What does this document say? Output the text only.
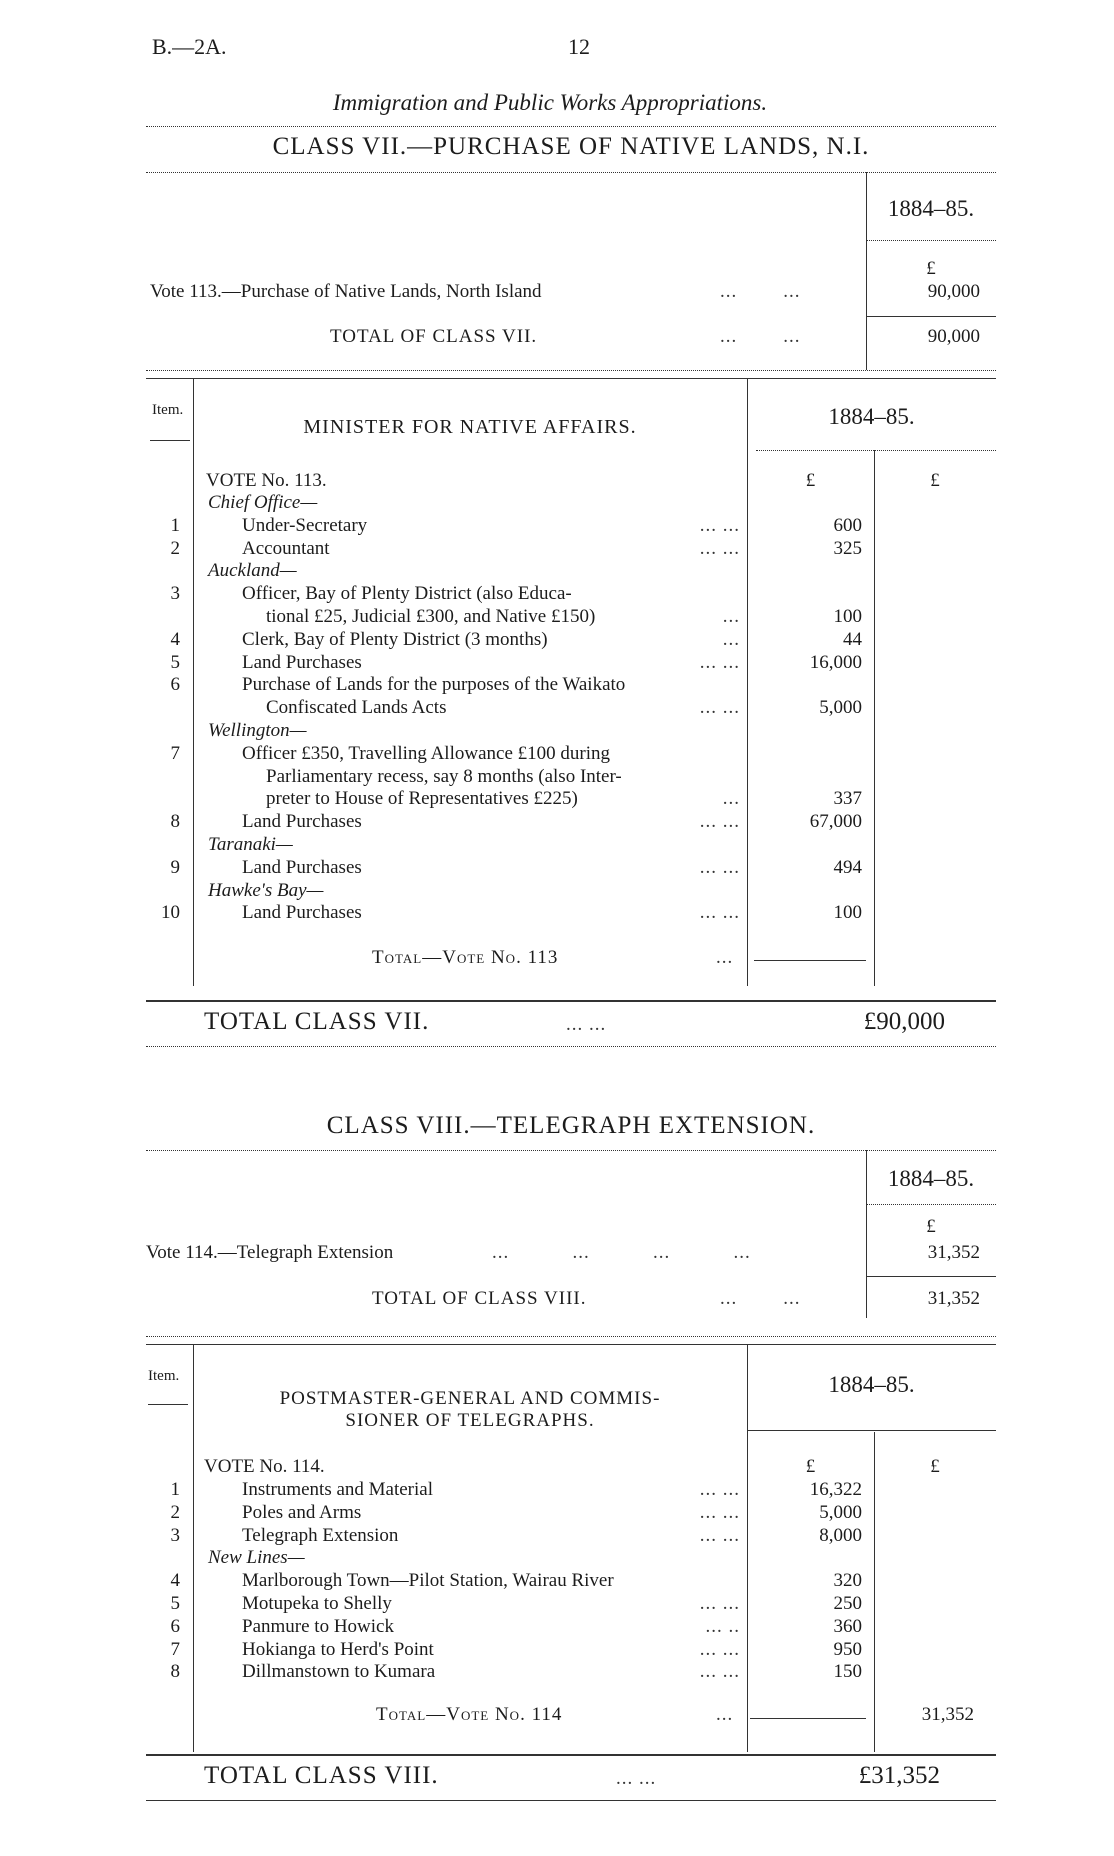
B.—2A.	12
Immigration and Public Works Appropriations.
CLASS VII.—PURCHASE OF NATIVE LANDS, N.I.
1884–85.
£
Vote 113.—Purchase of Native Lands, North Island	...        ...	90,000
TOTAL OF CLASS VII.	...        ...	90,000
Item.
MINISTER FOR NATIVE AFFAIRS.	1884–85.
VOTE No. 113.	£	£
Chief Office—
1	Under-Secretary	... ...	600
2	Accountant	... ...	325
Auckland—
3	Officer, Bay of Plenty District (also Educa-
tional £25, Judicial £300, and Native £150)	...	100
4	Clerk, Bay of Plenty District (3 months)	...	44
5	Land Purchases	... ...	16,000
6	Purchase of Lands for the purposes of the Waikato
Confiscated Lands Acts	... ...	5,000
Wellington—
7	Officer £350, Travelling Allowance £100 during
Parliamentary recess, say 8 months (also Inter-
preter to House of Representatives £225)	...	337
8	Land Purchases	... ...	67,000
Taranaki—
9	Land Purchases	... ...	494
Hawke's Bay—
10	Land Purchases	... ...	100
Total—Vote No. 113	...
TOTAL CLASS VII.	... ...	£90,000
CLASS VIII.—TELEGRAPH EXTENSION.
1884–85.
£
Vote 114.—Telegraph Extension	...           ...           ...           ...	31,352
TOTAL OF CLASS VIII.	...        ...	31,352
Item.
POSTMASTER-GENERAL AND COMMIS-
SIONER OF TELEGRAPHS.
1884–85.
VOTE No. 114.	£	£
1	Instruments and Material	... ...	16,322
2	Poles and Arms	... ...	5,000
3	Telegraph Extension	... ...	8,000
New Lines—
4	Marlborough Town—Pilot Station, Wairau River	320
5	Motupeka to Shelly	... ...	250
6	Panmure to Howick	... ..	360
7	Hokianga to Herd's Point	... ...	950
8	Dillmanstown to Kumara	... ...	150
Total—Vote No. 114	...	31,352
TOTAL CLASS VIII.	... ...	£31,352
